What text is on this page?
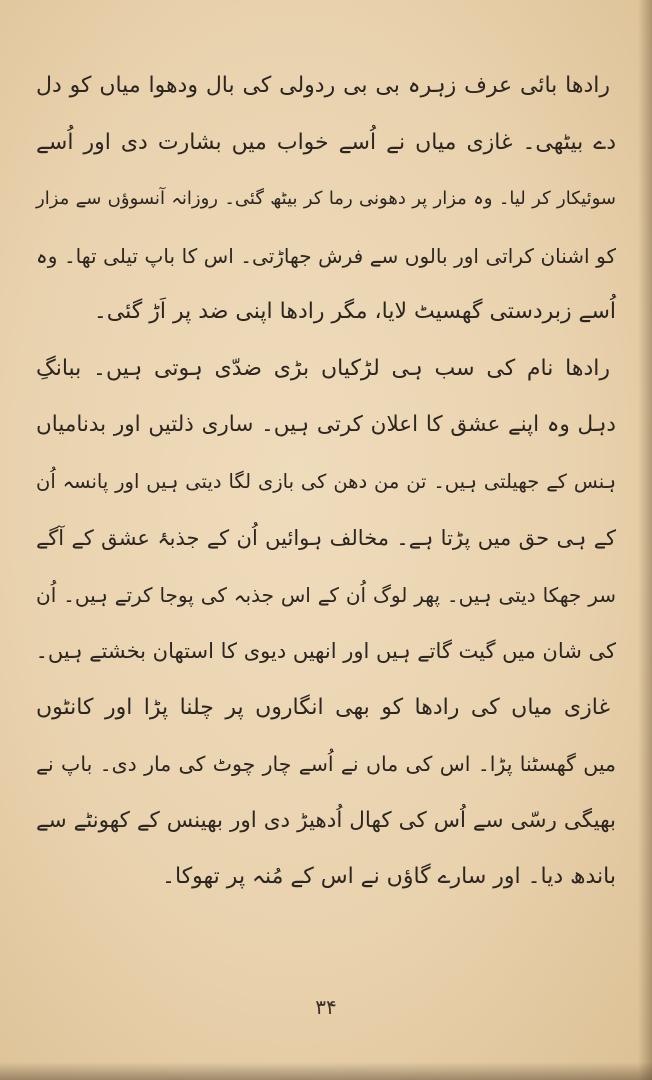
رادھا بائی عرف زہرہ بی بی ردولی کی بال ودھوا میاں کو دل
دے بیٹھی۔ غازی میاں نے اُسے خواب میں بشارت دی اور اُسے
سوئیکار کر لیا۔ وہ مزار پر دھونی رما کر بیٹھ گئی۔ روزانہ آنسوؤں سے مزار
کو اشنان کراتی اور بالوں سے فرش جھاڑتی۔ اس کا باپ تیلی تھا۔ وہ
اُسے زبردستی گھسیٹ لایا، مگر رادھا اپنی ضد پر اَڑ گئی۔
رادھا نام کی سب ہی لڑکیاں بڑی ضدّی ہوتی ہیں۔ ببانگِ
دہل وہ اپنے عشق کا اعلان کرتی ہیں۔ ساری ذلتیں اور بدنامیاں
ہنس کے جھیلتی ہیں۔ تن من دھن کی بازی لگا دیتی ہیں اور پانسہ اُن
کے ہی حق میں پڑتا ہے۔ مخالف ہوائیں اُن کے جذبۂ عشق کے آگے
سر جھکا دیتی ہیں۔ پھر لوگ اُن کے اس جذبہ کی پوجا کرتے ہیں۔ اُن
کی شان میں گیت گاتے ہیں اور انھیں دیوی کا استھان بخشتے ہیں۔
غازی میاں کی رادھا کو بھی انگاروں پر چلنا پڑا اور کانٹوں
میں گھسٹنا پڑا۔ اس کی ماں نے اُسے چار چوٹ کی مار دی۔ باپ نے
بھیگی رسّی سے اُس کی کھال اُدھیڑ دی اور بھینس کے کھونٹے سے
باندھ دیا۔ اور سارے گاؤں نے اس کے مُنہ پر تھوکا۔
۳۴
